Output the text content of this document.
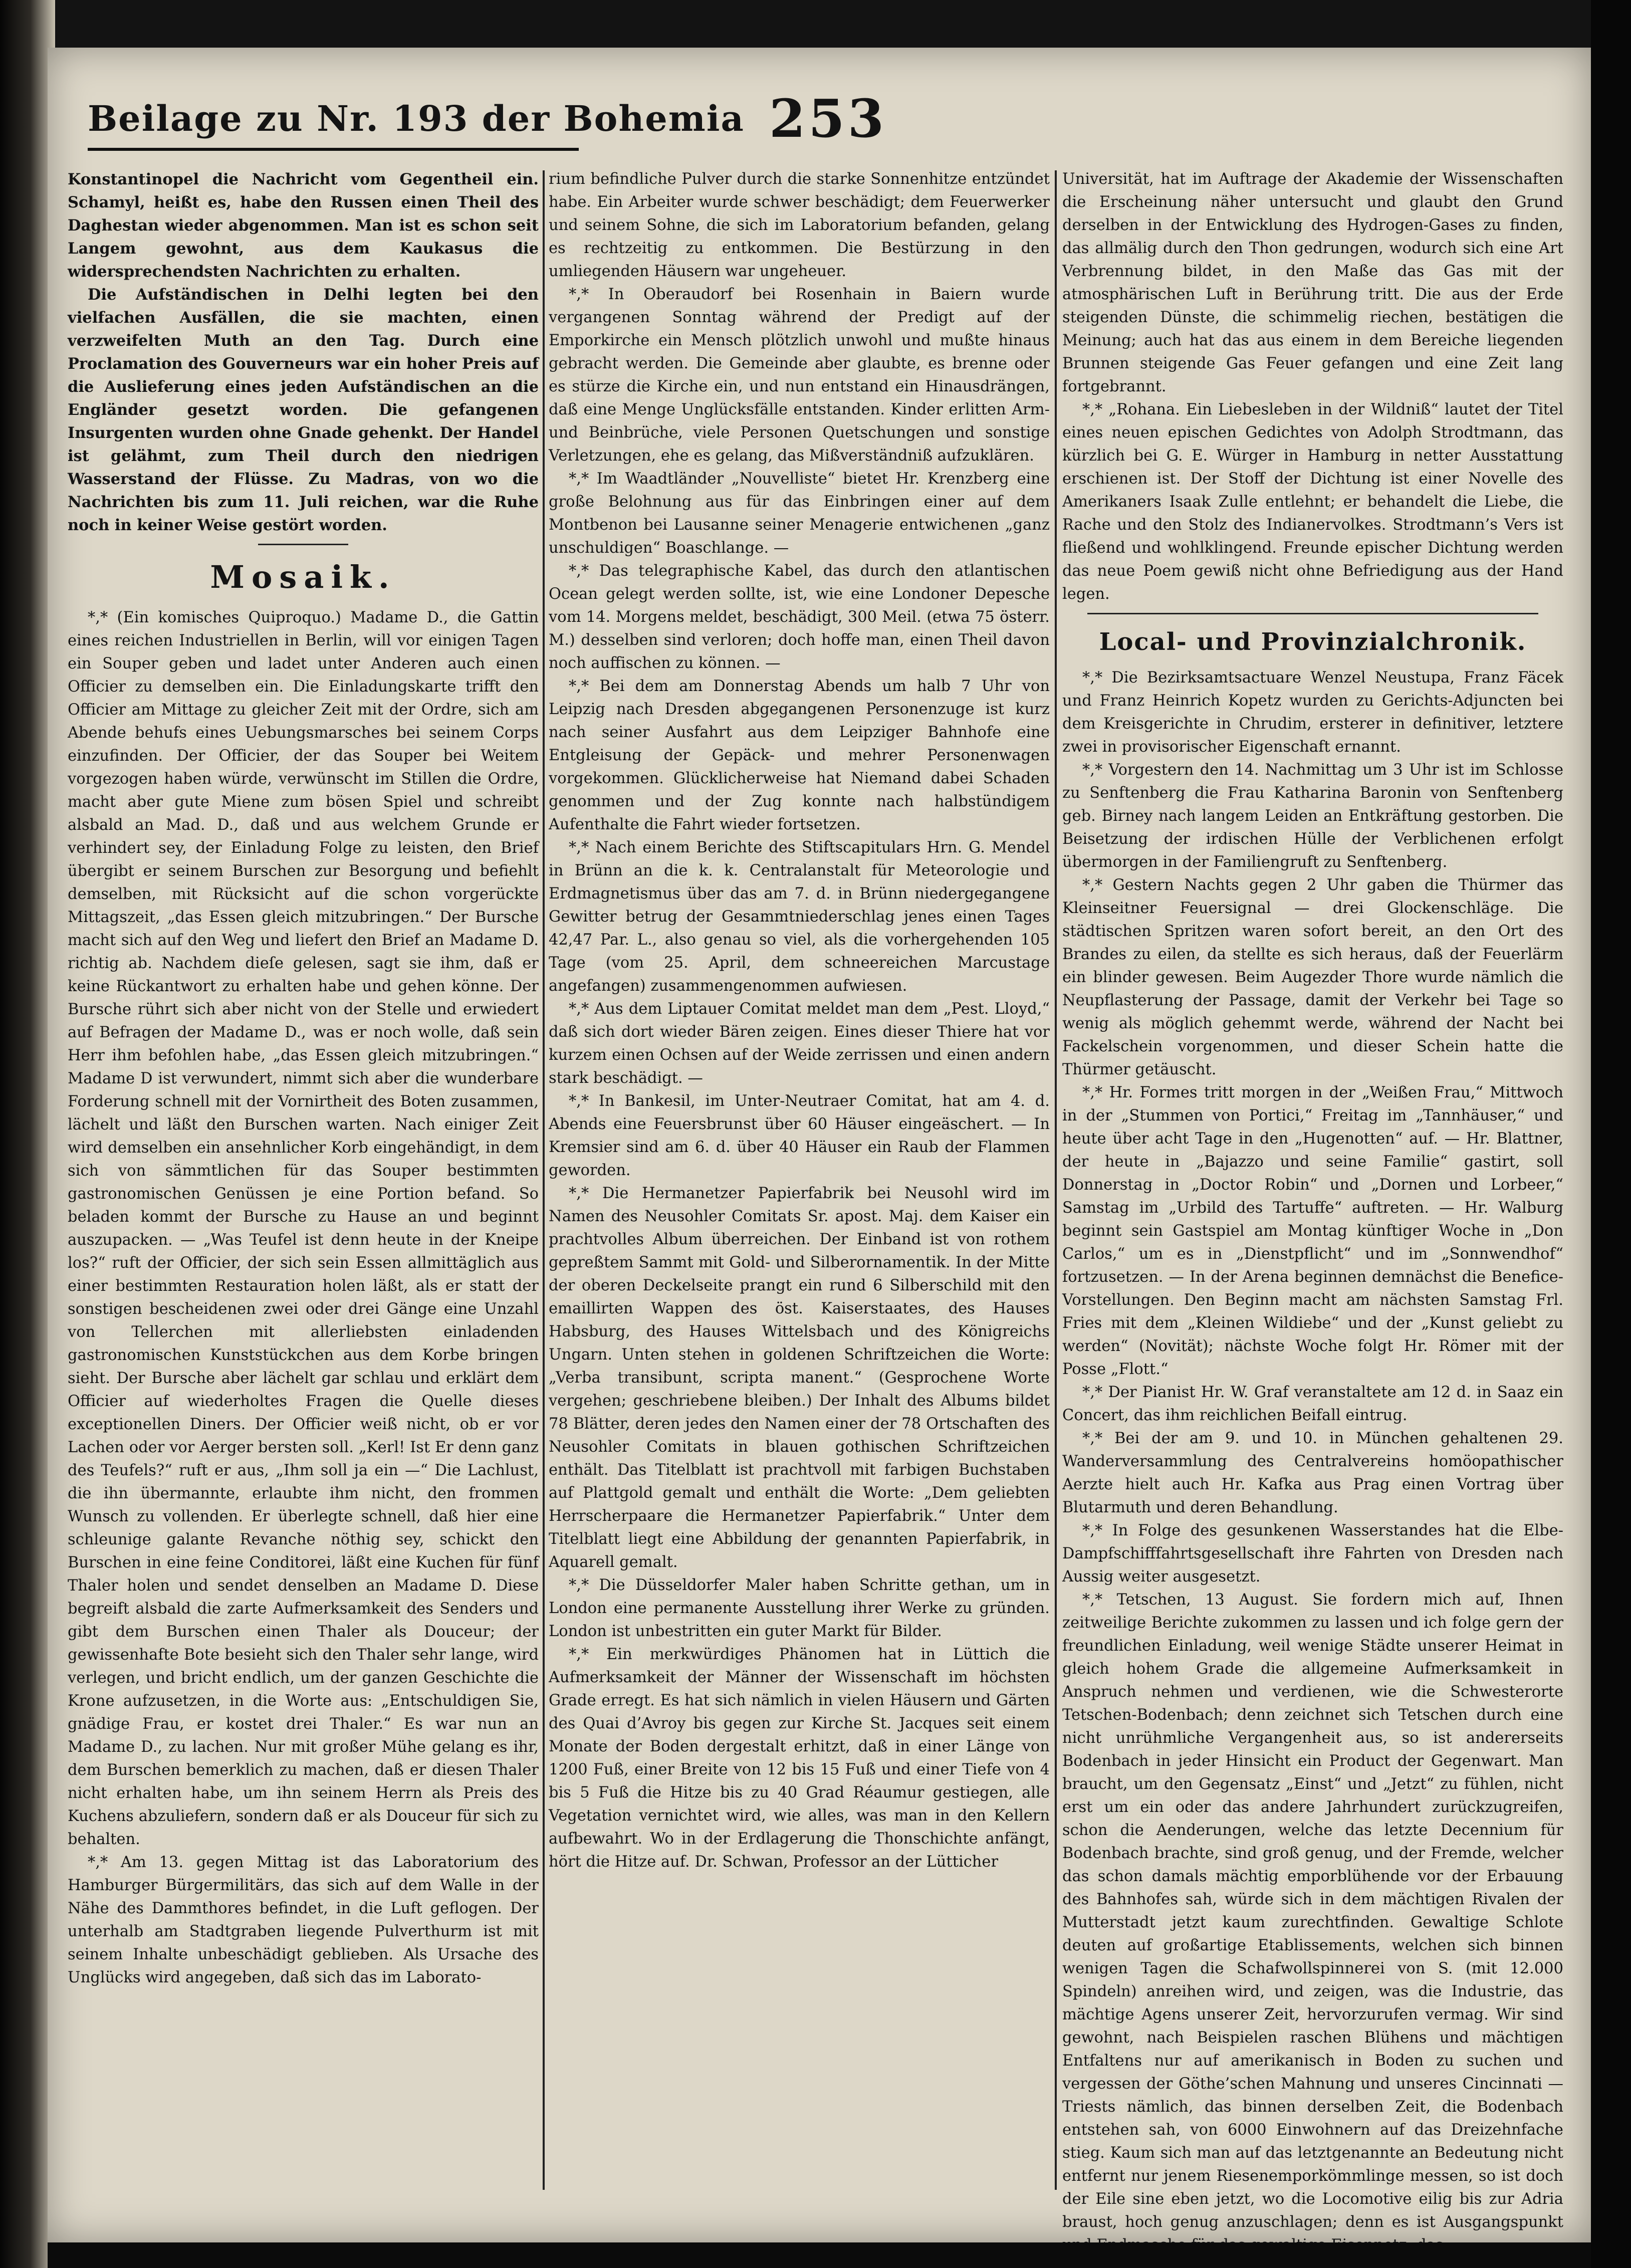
Beilage zu Nr. 193 der Bohemia 253

Konstantinopel die Nachricht vom Gegentheil ein. Schamyl, heißt es, habe den Russen einen Theil des Daghestan wieder abgenommen. Man ist es schon seit Langem gewohnt, aus dem Kaukasus die widersprechendsten Nachrichten zu erhalten.

Die Aufständischen in Delhi legten bei den vielfachen Ausfällen, die sie machten, einen verzweifelten Muth an den Tag. Durch eine Proclamation des Gouverneurs war ein hoher Preis auf die Auslieferung eines jeden Aufständischen an die Engländer gesetzt worden. Die gefangenen Insurgenten wurden ohne Gnade gehenkt. Der Handel ist gelähmt, zum Theil durch den niedrigen Wasserstand der Flüsse. Zu Madras, von wo die Nachrichten bis zum 11. Juli reichen, war die Ruhe noch in keiner Weise gestört worden.

Mosaik.

*,* (Ein komisches Quiproquo.) Madame D., die Gattin eines reichen Industriellen in Berlin, will vor einigen Tagen ein Souper geben und ladet unter Anderen auch einen Officier zu demselben ein. Die Einladungskarte trifft den Officier am Mittage zu gleicher Zeit mit der Ordre, sich am Abende behufs eines Uebungsmarsches bei seinem Corps einzufinden. Der Officier, der das Souper bei Weitem vorgezogen haben würde, verwünscht im Stillen die Ordre, macht aber gute Miene zum bösen Spiel und schreibt alsbald an Mad. D., daß und aus welchem Grunde er verhindert sey, der Einladung Folge zu leisten, den Brief übergibt er seinem Burschen zur Besorgung und befiehlt demselben, mit Rücksicht auf die schon vorgerückte Mittagszeit, „das Essen gleich mitzubringen.“ Der Bursche macht sich auf den Weg und liefert den Brief an Madame D. richtig ab. Nachdem dieſe gelesen, sagt sie ihm, daß er keine Rückantwort zu erhalten habe und gehen könne. Der Bursche rührt sich aber nicht von der Stelle und erwiedert auf Befragen der Madame D., was er noch wolle, daß sein Herr ihm befohlen habe, „das Essen gleich mitzubringen.“ Madame D ist verwundert, nimmt sich aber die wunderbare Forderung schnell mit der Vornirtheit des Boten zusammen, lächelt und läßt den Burschen warten. Nach einiger Zeit wird demselben ein ansehnlicher Korb eingehändigt, in dem sich von sämmtlichen für das Souper bestimmten gastronomischen Genüssen je eine Portion befand. So beladen kommt der Bursche zu Hause an und beginnt auszupacken. — „Was Teufel ist denn heute in der Kneipe los?“ ruft der Officier, der sich sein Essen allmittäglich aus einer bestimmten Restauration holen läßt, als er statt der sonstigen bescheidenen zwei oder drei Gänge eine Unzahl von Tellerchen mit allerliebsten einladenden gastronomischen Kunststückchen aus dem Korbe bringen sieht. Der Bursche aber lächelt gar schlau und erklärt dem Officier auf wiederholtes Fragen die Quelle dieses exceptionellen Diners. Der Officier weiß nicht, ob er vor Lachen oder vor Aerger bersten soll. „Kerl! Ist Er denn ganz des Teufels?“ ruft er aus, „Ihm soll ja ein —“ Die Lachlust, die ihn übermannte, erlaubte ihm nicht, den frommen Wunsch zu vollenden. Er überlegte schnell, daß hier eine schleunige galante Revanche nöthig sey, schickt den Burschen in eine feine Conditorei, läßt eine Kuchen für fünf Thaler holen und sendet denselben an Madame D. Diese begreift alsbald die zarte Aufmerksamkeit des Senders und gibt dem Burschen einen Thaler als Douceur; der gewissenhafte Bote besieht sich den Thaler sehr lange, wird verlegen, und bricht endlich, um der ganzen Geschichte die Krone aufzusetzen, in die Worte aus: „Entschuldigen Sie, gnädige Frau, er kostet drei Thaler.“ Es war nun an Madame D., zu lachen. Nur mit großer Mühe gelang es ihr, dem Burschen bemerklich zu machen, daß er diesen Thaler nicht erhalten habe, um ihn seinem Herrn als Preis des Kuchens abzuliefern, sondern daß er als Douceur für sich zu behalten.

*,* Am 13. gegen Mittag ist das Laboratorium des Hamburger Bürgermilitärs, das sich auf dem Walle in der Nähe des Dammthores befindet, in die Luft geflogen. Der unterhalb am Stadtgraben liegende Pulverthurm ist mit seinem Inhalte unbeschädigt geblieben. Als Ursache des Unglücks wird angegeben, daß sich das im Laborato-

rium befindliche Pulver durch die starke Sonnenhitze entzündet habe. Ein Arbeiter wurde schwer beschädigt; dem Feuerwerker und seinem Sohne, die sich im Laboratorium befanden, gelang es rechtzeitig zu entkommen. Die Bestürzung in den umliegenden Häusern war ungeheuer.

*,* In Oberaudorf bei Rosenhain in Baiern wurde vergangenen Sonntag während der Predigt auf der Emporkirche ein Mensch plötzlich unwohl und mußte hinaus gebracht werden. Die Gemeinde aber glaubte, es brenne oder es stürze die Kirche ein, und nun entstand ein Hinausdrängen, daß eine Menge Unglücksfälle entstanden. Kinder erlitten Arm- und Beinbrüche, viele Personen Quetschungen und sonstige Verletzungen, ehe es gelang, das Mißverständniß aufzuklären.

*,* Im Waadtländer „Nouvelliste“ bietet Hr. Krenzberg eine große Belohnung aus für das Einbringen einer auf dem Montbenon bei Lausanne seiner Menagerie entwichenen „ganz unschuldigen“ Boaschlange. —

*,* Das telegraphische Kabel, das durch den atlantischen Ocean gelegt werden sollte, ist, wie eine Londoner Depesche vom 14. Morgens meldet, beschädigt, 300 Meil. (etwa 75 österr. M.) desselben sind verloren; doch hoffe man, einen Theil davon noch auffischen zu können. —

*,* Bei dem am Donnerstag Abends um halb 7 Uhr von Leipzig nach Dresden abgegangenen Personenzuge ist kurz nach seiner Ausfahrt aus dem Leipziger Bahnhofe eine Entgleisung der Gepäck- und mehrer Personenwagen vorgekommen. Glücklicherweise hat Niemand dabei Schaden genommen und der Zug konnte nach halbstündigem Aufenthalte die Fahrt wieder fortsetzen.

*,* Nach einem Berichte des Stiftscapitulars Hrn. G. Mendel in Brünn an die k. k. Centralanstalt für Meteorologie und Erdmagnetismus über das am 7. d. in Brünn niedergegangene Gewitter betrug der Gesammtniederschlag jenes einen Tages 42,47 Par. L., also genau so viel, als die vorhergehenden 105 Tage (vom 25. April, dem schneereichen Marcustage angefangen) zusammengenommen aufwiesen.

*,* Aus dem Liptauer Comitat meldet man dem „Pest. Lloyd,“ daß sich dort wieder Bären zeigen. Eines dieser Thiere hat vor kurzem einen Ochsen auf der Weide zerrissen und einen andern stark beschädigt. —

*,* In Bankesil, im Unter-Neutraer Comitat, hat am 4. d. Abends eine Feuersbrunst über 60 Häuser eingeäschert. — In Kremsier sind am 6. d. über 40 Häuser ein Raub der Flammen geworden.

*,* Die Hermanetzer Papierfabrik bei Neusohl wird im Namen des Neusohler Comitats Sr. apost. Maj. dem Kaiser ein prachtvolles Album überreichen. Der Einband ist von rothem gepreßtem Sammt mit Gold- und Silberornamentik. In der Mitte der oberen Deckelseite prangt ein rund 6 Silberschild mit den emaillirten Wappen des öst. Kaiserstaates, des Hauses Habsburg, des Hauses Wittelsbach und des Königreichs Ungarn. Unten stehen in goldenen Schriftzeichen die Worte: „Verba transibunt, scripta manent.“ (Gesprochene Worte vergehen; geschriebene bleiben.) Der Inhalt des Albums bildet 78 Blätter, deren jedes den Namen einer der 78 Ortschaften des Neusohler Comitats in blauen gothischen Schriftzeichen enthält. Das Titelblatt ist prachtvoll mit farbigen Buchstaben auf Plattgold gemalt und enthält die Worte: „Dem geliebten Herrscherpaare die Hermanetzer Papierfabrik.“ Unter dem Titelblatt liegt eine Abbildung der genannten Papierfabrik, in Aquarell gemalt.

*,* Die Düsseldorfer Maler haben Schritte gethan, um in London eine permanente Ausstellung ihrer Werke zu gründen. London ist unbestritten ein guter Markt für Bilder.

*,* Ein merkwürdiges Phänomen hat in Lüttich die Aufmerksamkeit der Männer der Wissenschaft im höchsten Grade erregt. Es hat sich nämlich in vielen Häusern und Gärten des Quai d’Avroy bis gegen zur Kirche St. Jacques seit einem Monate der Boden dergestalt erhitzt, daß in einer Länge von 1200 Fuß, einer Breite von 12 bis 15 Fuß und einer Tiefe von 4 bis 5 Fuß die Hitze bis zu 40 Grad Réaumur gestiegen, alle Vegetation vernichtet wird, wie alles, was man in den Kellern aufbewahrt. Wo in der Erdlagerung die Thonschichte anfängt, hört die Hitze auf. Dr. Schwan, Professor an der Lütticher

Universität, hat im Auftrage der Akademie der Wissenschaften die Erscheinung näher untersucht und glaubt den Grund derselben in der Entwicklung des Hydrogen-Gases zu finden, das allmälig durch den Thon gedrungen, wodurch sich eine Art Verbrennung bildet, in den Maße das Gas mit der atmosphärischen Luft in Berührung tritt. Die aus der Erde steigenden Dünste, die schimmelig riechen, bestätigen die Meinung; auch hat das aus einem in dem Bereiche liegenden Brunnen steigende Gas Feuer gefangen und eine Zeit lang fortgebrannt.

*,* „Rohana. Ein Liebesleben in der Wildniß“ lautet der Titel eines neuen epischen Gedichtes von Adolph Strodtmann, das kürzlich bei G. E. Würger in Hamburg in netter Ausstattung erschienen ist. Der Stoff der Dichtung ist einer Novelle des Amerikaners Isaak Zulle entlehnt; er behandelt die Liebe, die Rache und den Stolz des Indianervolkes. Strodtmann’s Vers ist fließend und wohlklingend. Freunde epischer Dichtung werden das neue Poem gewiß nicht ohne Befriedigung aus der Hand legen.

Local- und Provinzialchronik.

*,* Die Bezirksamtsactuare Wenzel Neustupa, Franz Fäcek und Franz Heinrich Kopetz wurden zu Gerichts-Adjuncten bei dem Kreisgerichte in Chrudim, ersterer in definitiver, letztere zwei in provisorischer Eigenschaft ernannt.

*,* Vorgestern den 14. Nachmittag um 3 Uhr ist im Schlosse zu Senftenberg die Frau Katharina Baronin von Senftenberg geb. Birney nach langem Leiden an Entkräftung gestorben. Die Beisetzung der irdischen Hülle der Verblichenen erfolgt übermorgen in der Familiengruft zu Senftenberg.

*,* Gestern Nachts gegen 2 Uhr gaben die Thürmer das Kleinseitner Feuersignal — drei Glockenschläge. Die städtischen Spritzen waren sofort bereit, an den Ort des Brandes zu eilen, da stellte es sich heraus, daß der Feuerlärm ein blinder gewesen. Beim Augezder Thore wurde nämlich die Neupflasterung der Passage, damit der Verkehr bei Tage so wenig als möglich gehemmt werde, während der Nacht bei Fackelschein vorgenommen, und dieser Schein hatte die Thürmer getäuscht.

*,* Hr. Formes tritt morgen in der „Weißen Frau,“ Mittwoch in der „Stummen von Portici,“ Freitag im „Tannhäuser,“ und heute über acht Tage in den „Hugenotten“ auf. — Hr. Blattner, der heute in „Bajazzo und seine Familie“ gastirt, soll Donnerstag in „Doctor Robin“ und „Dornen und Lorbeer,“ Samstag im „Urbild des Tartuffe“ auftreten. — Hr. Walburg beginnt sein Gastspiel am Montag künftiger Woche in „Don Carlos,“ um es in „Dienstpflicht“ und im „Sonnwendhof“ fortzusetzen. — In der Arena beginnen demnächst die Benefice-Vorstellungen. Den Beginn macht am nächsten Samstag Frl. Fries mit dem „Kleinen Wildiebe“ und der „Kunst geliebt zu werden“ (Novität); nächste Woche folgt Hr. Römer mit der Posse „Flott.“

*,* Der Pianist Hr. W. Graf veranstaltete am 12 d. in Saaz ein Concert, das ihm reichlichen Beifall eintrug.

*,* Bei der am 9. und 10. in München gehaltenen 29. Wanderversammlung des Centralvereins homöopathischer Aerzte hielt auch Hr. Kafka aus Prag einen Vortrag über Blutarmuth und deren Behandlung.

*,* In Folge des gesunkenen Wasserstandes hat die Elbe-Dampfschifffahrtsgesellschaft ihre Fahrten von Dresden nach Aussig weiter ausgesetzt.

*,* Tetschen, 13 August. Sie fordern mich auf, Ihnen zeitweilige Berichte zukommen zu lassen und ich folge gern der freundlichen Einladung, weil wenige Städte unserer Heimat in gleich hohem Grade die allgemeine Aufmerksamkeit in Anspruch nehmen und verdienen, wie die Schwesterorte Tetschen-Bodenbach; denn zeichnet sich Tetschen durch eine nicht unrühmliche Vergangenheit aus, so ist andererseits Bodenbach in jeder Hinsicht ein Product der Gegenwart. Man braucht, um den Gegensatz „Einst“ und „Jetzt“ zu fühlen, nicht erst um ein oder das andere Jahrhundert zurückzugreifen, schon die Aenderungen, welche das letzte Decennium für Bodenbach brachte, sind groß genug, und der Fremde, welcher das schon damals mächtig emporblühende vor der Erbauung des Bahnhofes sah, würde sich in dem mächtigen Rivalen der Mutterstadt jetzt kaum zurechtfinden. Gewaltige Schlote deuten auf großartige Etablissements, welchen sich binnen wenigen Tagen die Schafwollspinnerei von S. (mit 12.000 Spindeln) anreihen wird, und zeigen, was die Industrie, das mächtige Agens unserer Zeit, hervorzurufen vermag. Wir sind gewohnt, nach Beispielen raschen Blühens und mächtigen Entfaltens nur auf amerikanisch in Boden zu suchen und vergessen der Göthe’schen Mahnung und unseres Cincinnati — Triests nämlich, das binnen derselben Zeit, die Bodenbach entstehen sah, von 6000 Einwohnern auf das Dreizehnfache stieg. Kaum sich man auf das letztgenannte an Bedeutung nicht entfernt nur jenem Riesenemporkömmlinge messen, so ist doch der Eile sine eben jetzt, wo die Locomotive eilig bis zur Adria braust, hoch genug anzuschlagen; denn es ist Ausgangspunkt
